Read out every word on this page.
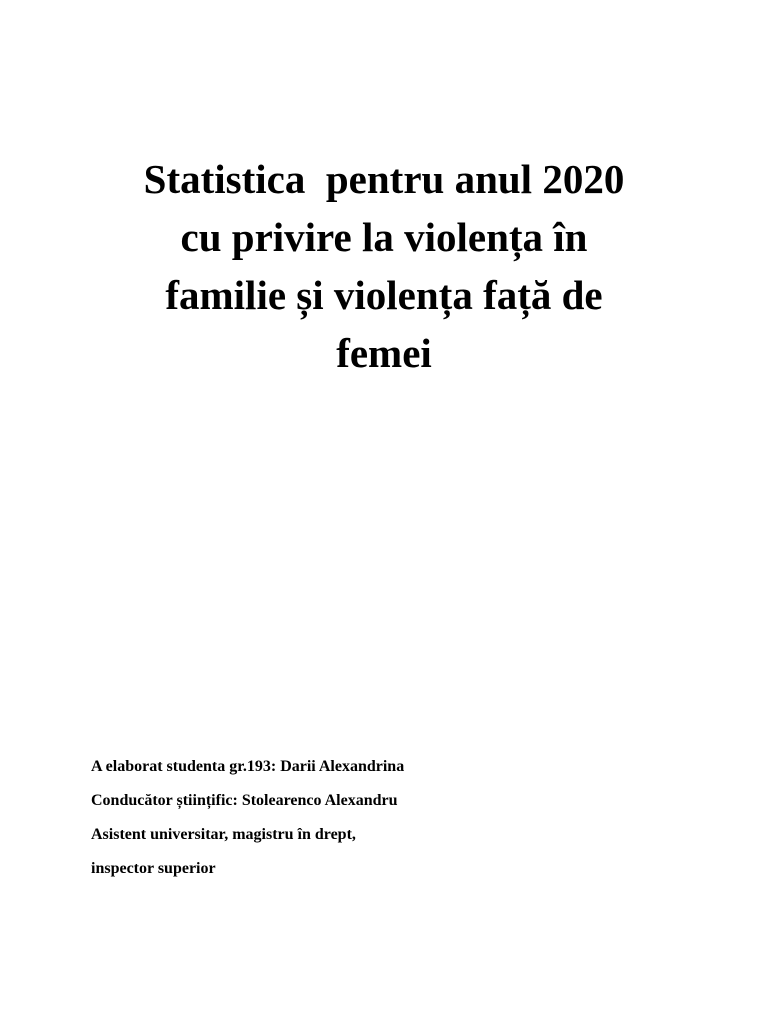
Statistica  pentru anul 2020
cu privire la violența în
familie și violența față de
femei
A elaborat studenta gr.193: Darii Alexandrina
Conducător științific: Stolearenco Alexandru
Asistent universitar, magistru în drept,
inspector superior
